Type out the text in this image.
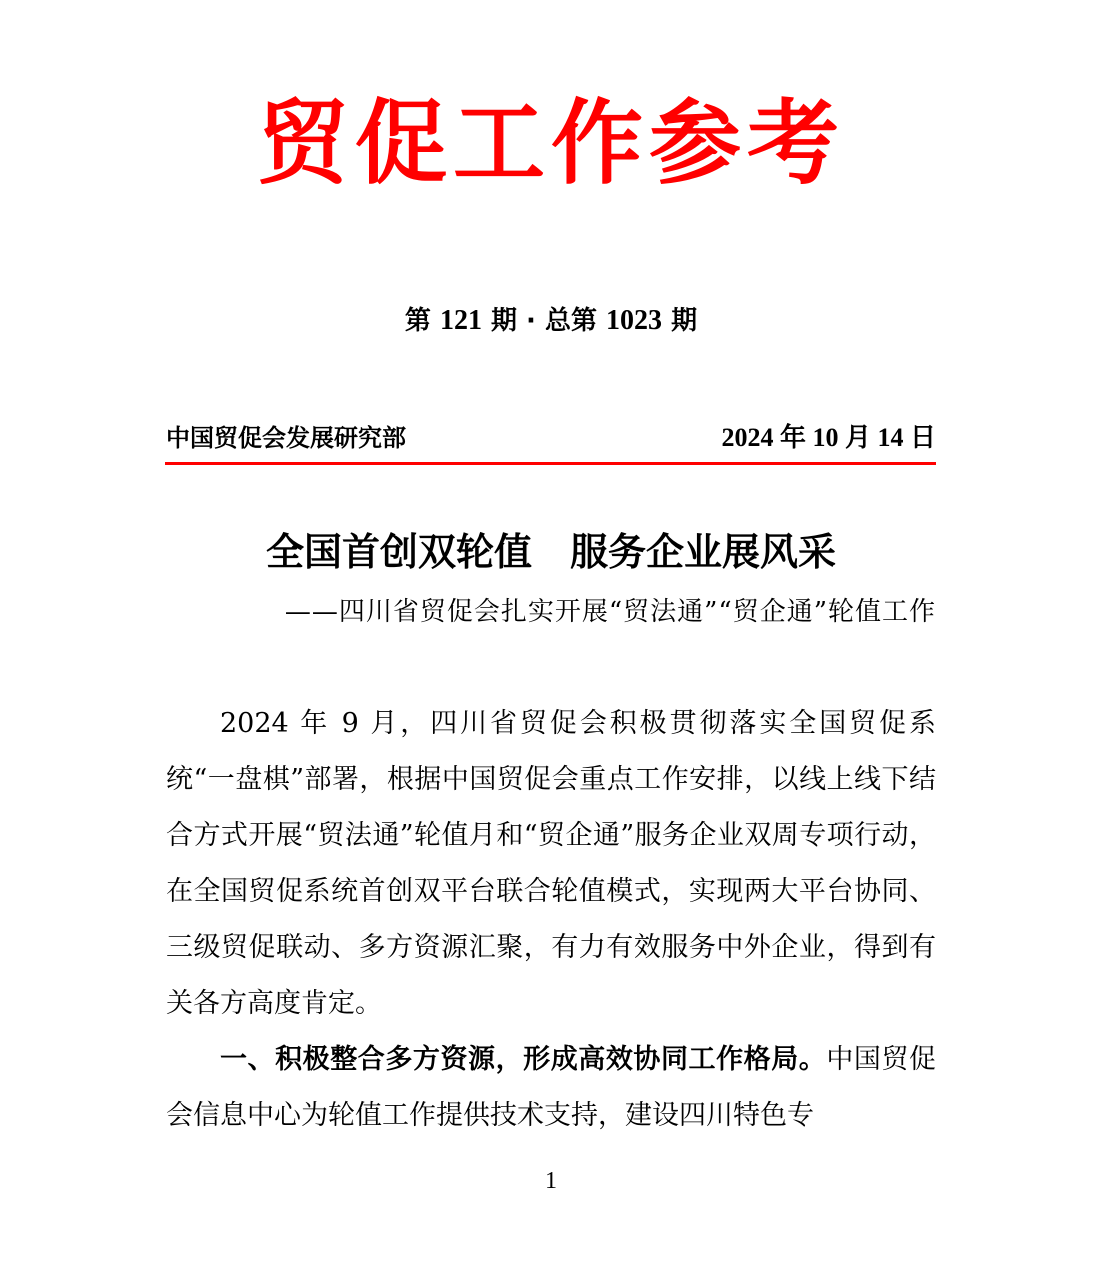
贸促工作参考
第 121 期 · 总第 1023 期
中国贸促会发展研究部	2024 年 10 月 14 日
全国首创双轮值　服务企业展风采
——四川省贸促会扎实开展“贸法通”“贸企通”轮值工作

2024 年 9 月，四川省贸促会积极贯彻落实全国贸促系统“一盘棋”部署，根据中国贸促会重点工作安排，以线上线下结合方式开展“贸法通”轮值月和“贸企通”服务企业双周专项行动，在全国贸促系统首创双平台联合轮值模式，实现两大平台协同、三级贸促联动、多方资源汇聚，有力有效服务中外企业，得到有关各方高度肯定。

一、积极整合多方资源，形成高效协同工作格局。中国贸促会信息中心为轮值工作提供技术支持，建设四川特色专

1
